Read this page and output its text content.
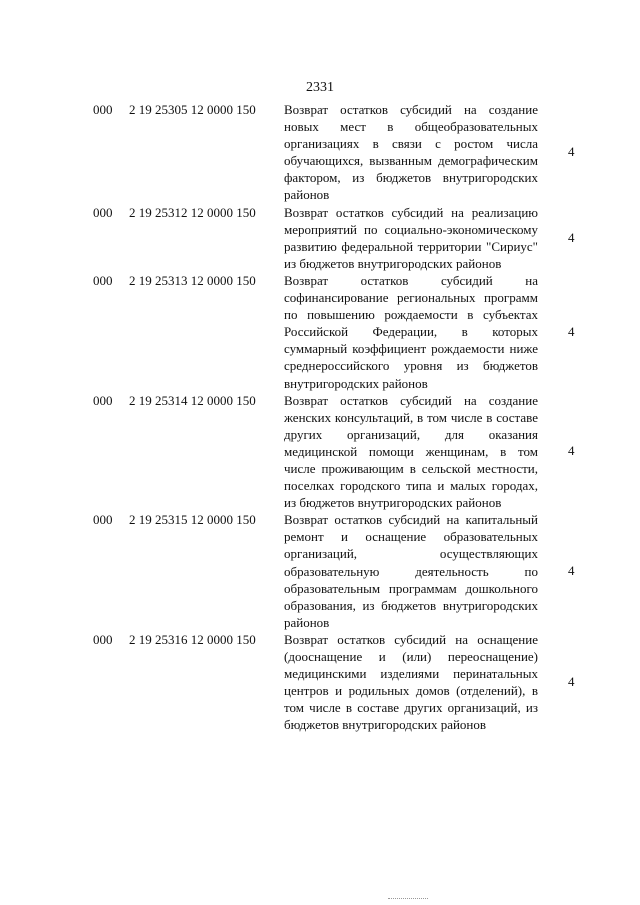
2331
000 2 19 25305 12 0000 150 Возврат остатков субсидий на создание новых мест в общеобразовательных организациях в связи с ростом числа обучающихся, вызванным демографическим фактором, из бюджетов внутригородских районов
4
000 2 19 25312 12 0000 150 Возврат остатков субсидий на реализацию мероприятий по социально-экономическому развитию федеральной территории "Сириус" из бюджетов внутригородских районов
4
000 2 19 25313 12 0000 150 Возврат остатков субсидий на софинансирование региональных программ по повышению рождаемости в субъектах Российской Федерации, в которых суммарный коэффициент рождаемости ниже среднероссийского уровня из бюджетов внутригородских районов
4
000 2 19 25314 12 0000 150 Возврат остатков субсидий на создание женских консультаций, в том числе в составе других организаций, для оказания медицинской помощи женщинам, в том числе проживающим в сельской местности, поселках городского типа и малых городах, из бюджетов внутригородских районов
4
000 2 19 25315 12 0000 150 Возврат остатков субсидий на капитальный ремонт и оснащение образовательных организаций, осуществляющих образовательную деятельность по образовательным программам дошкольного образования, из бюджетов внутригородских районов
4
000 2 19 25316 12 0000 150 Возврат остатков субсидий на оснащение (дооснащение и (или) переоснащение) медицинскими изделиями перинатальных центров и родильных домов (отделений), в том числе в составе других организаций, из бюджетов внутригородских районов
4
